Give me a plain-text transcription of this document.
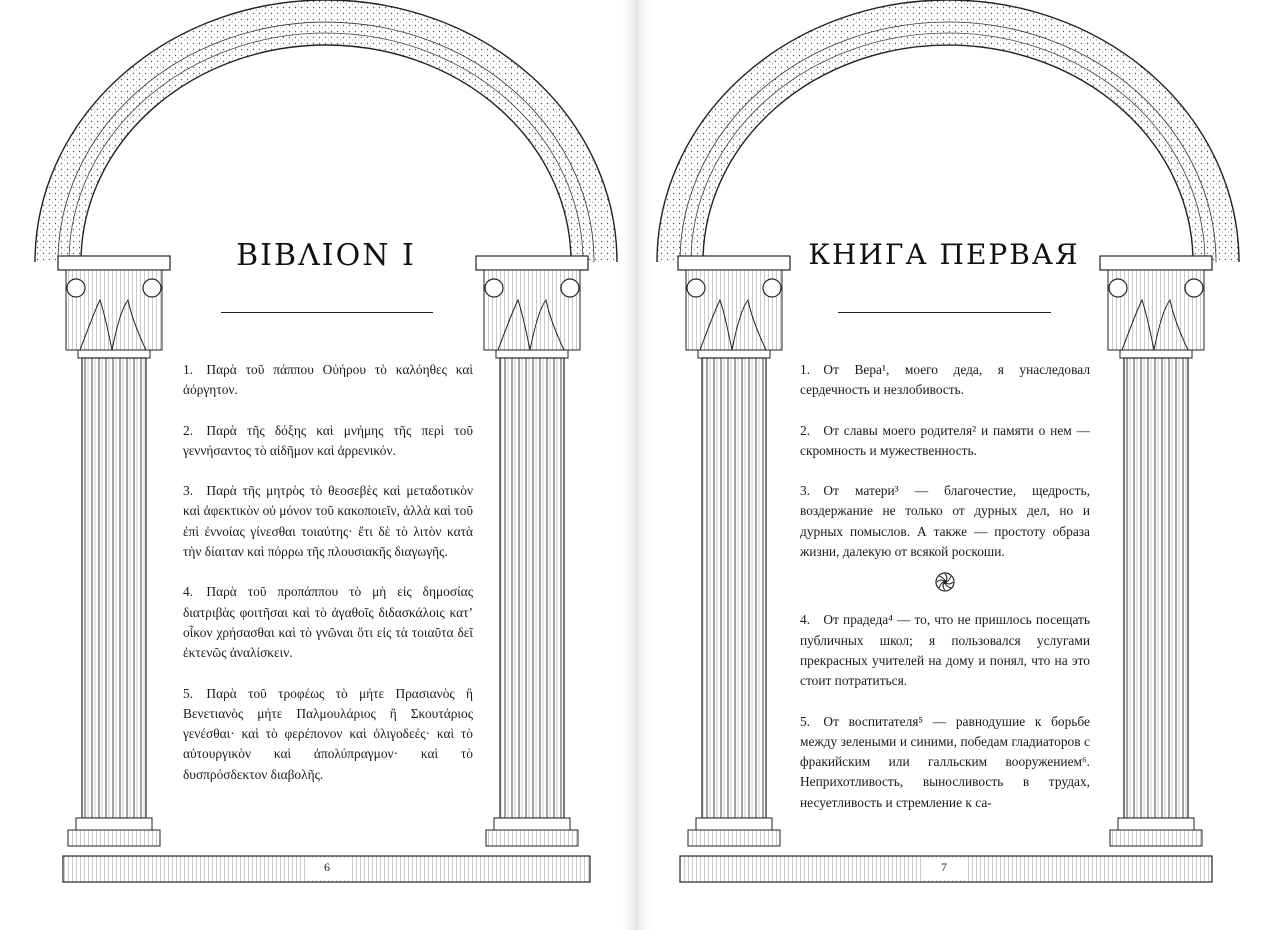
ΒΙΒΛΙΟΝ Ι

1. Παρὰ τοῦ πάππου Οὐήρου τὸ καλόηθες καὶ ἀόργητον.

2. Παρὰ τῆς δόξης καὶ μνήμης τῆς περὶ τοῦ γεννήσαντος τὸ αἰδῆμον καὶ ἀρρενικόν.

3. Παρὰ τῆς μητρὸς τὸ θεοσεβὲς καὶ μεταδοτικὸν καὶ ἀφεκτικὸν οὐ μόνον τοῦ κακοποιεῖν, ἀλλὰ καὶ τοῦ ἐπὶ ἐννοίας γίνεσθαι τοιαύτης· ἔτι δὲ τὸ λιτὸν κατὰ τὴν δίαιταν καὶ πόρρω τῆς πλουσιακῆς διαγωγῆς.

4. Παρὰ τοῦ προπάππου τὸ μὴ εἰς δημοσίας διατριβὰς φοιτῆσαι καὶ τὸ ἀγαθοῖς διδασκάλοις κατ’ οἶκον χρήσασθαι καὶ τὸ γνῶναι ὅτι εἰς τὰ τοιαῦτα δεῖ ἐκτενῶς ἀναλίσκειν.

5. Παρὰ τοῦ τροφέως τὸ μήτε Πρασιανὸς ἢ Βενετιανὸς μήτε Παλμουλάριος ἢ Σκουτάριος γενέσθαι· καὶ τὸ φερέπονον καὶ ὀλιγοδεές· καὶ τὸ αὐτουργικὸν καὶ ἀπολύπραγμον· καὶ τὸ δυσπρόσδεκτον διαβολῆς.

6
КНИГА ПЕРВАЯ

1. От Вера¹, моего деда, я унаследовал сердечность и незлобивость.

2. От славы моего родителя² и памяти о нем — скромность и мужественность.

3. От матери³ — благочестие, щедрость, воздержание не только от дурных дел, но и дурных помыслов. А также — простоту образа жизни, далекую от всякой роскоши.

4. От прадеда⁴ — то, что не пришлось посещать публичных школ; я пользовался услугами прекрасных учителей на дому и понял, что на это стоит потратиться.

5. От воспитателя⁵ — равнодушие к борьбе между зелеными и синими, победам гладиаторов с фракийским или галльским вооружением⁶. Неприхотливость, выносливость в трудах, несуетливость и стремление к са-

7
